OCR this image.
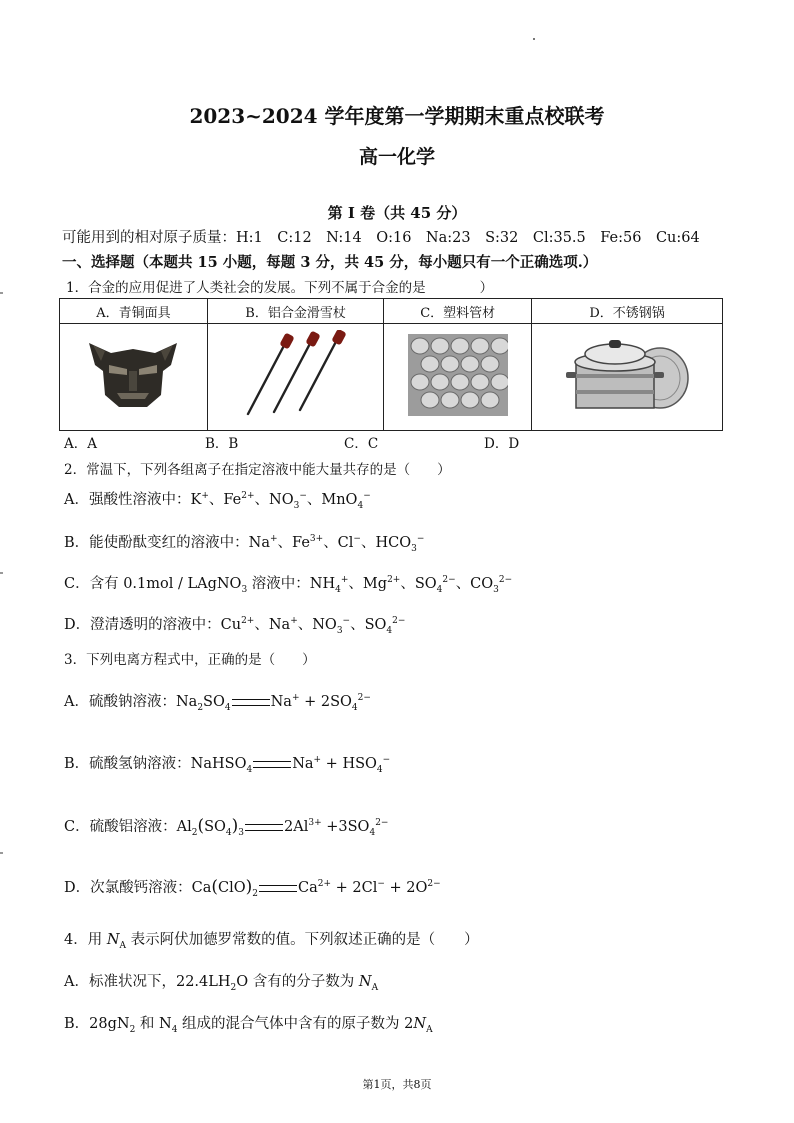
2023~2024 学年度第一学期期末重点校联考
高一化学
第 I 卷（共 45 分）
可能用到的相对原子质量：H:1　C:12　N:14　O:16　Na:23　S:32　Cl:35.5　Fe:56　Cu:64
一、选择题（本题共 15 小题，每题 3 分，共 45 分，每小题只有一个正确选项.）
1．合金的应用促进了人类社会的发展。下列不属于合金的是　　　　）
A．青铜面具	B．铝合金滑雪杖	C．塑料管材	D．不锈钢锅

A．A	B．B	C．C	D．D
2．常温下，下列各组离子在指定溶液中能大量共存的是（　　）
A．强酸性溶液中：K+、$Fe^{2+}$、$NO_3^-$、MnO$_4$−
B．能使酚酞变红的溶液中：Na+、$Fe^{3+}$、Cl−、$HCO_3^-$
C．含有 0.1mol / LAgNO$_3$ 溶液中：$NH_4^+$、$Mg^{2+}$、$SO_4^{2-}$、$CO_3^{2-}$
D．澄清透明的溶液中：$Cu^{2+}$、Na+、$NO_3^-$、$SO_4^{2-}$
3．下列电离方程式中，正确的是（　　）
A．硫酸钠溶液：$Na_2SO_4$	$Na^+ + 2SO_4^{2-}$
B．硫酸氢钠溶液：NaHSO$_4$	$Na^+ + HSO_4^-$
C．硫酸铝溶液：$Al_2(SO_4)_3$	$2Al^{3+} +3SO_4^{2-}$
D．次氯酸钙溶液：$Ca(ClO)_2$	$Ca^{2+} + 2Cl^- + 2O^{2-}$
4．用 $N_A$ 表示阿伏加德罗常数的值。下列叙述正确的是（　　）
A．标准状况下，$22.4LH_2O$ 含有的分子数为 $N_A$
B．$28gN_2$ 和 $N_4$ 组成的混合气体中含有的原子数为 $2N_A$
第1页，共8页
